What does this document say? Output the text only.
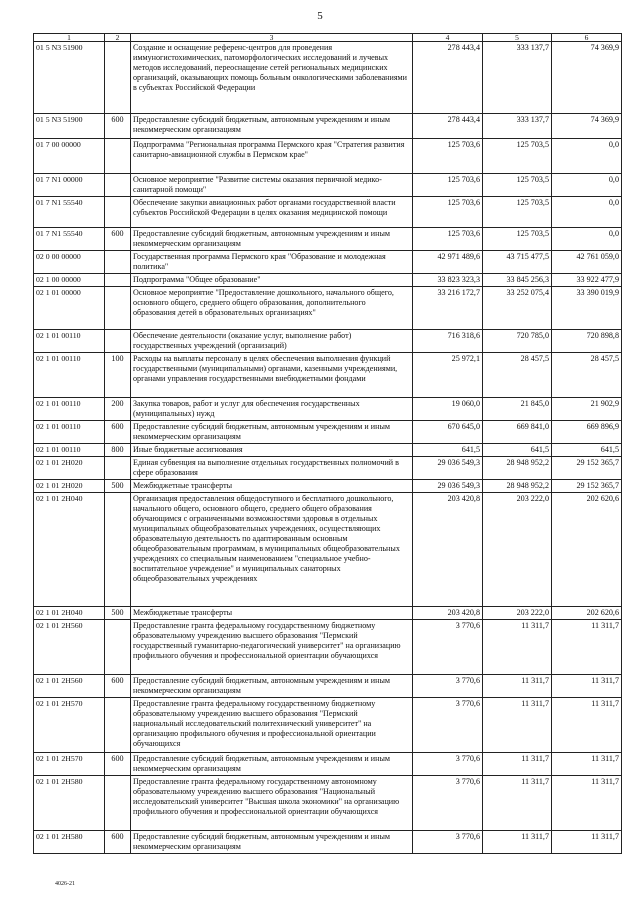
5
1	2	3	4	5	6
01 5 N3 51900		Создание и оснащение референс-центров для проведения иммуногистохимических, патоморфологических исследований и лучевых методов исследований, переоснащение сетей региональных медицинских организаций, оказывающих помощь больным онкологическими заболеваниями в субъектах Российской Федерации	278 443,4	333 137,7	74 369,9
01 5 N3 51900	600	Предоставление субсидий бюджетным, автономным учреждениям и иным некоммерческим организациям	278 443,4	333 137,7	74 369,9
01 7 00 00000		Подпрограмма "Региональная программа Пермского края "Стратегия развития санитарно-авиационной службы в Пермском крае"	125 703,6	125 703,5	0,0
01 7 N1 00000		Основное мероприятие "Развитие системы оказания первичной медико-санитарной помощи"	125 703,6	125 703,5	0,0
01 7 N1 55540		Обеспечение закупки авиационных работ органами государственной власти субъектов Российской Федерации в целях оказания медицинской помощи	125 703,6	125 703,5	0,0
01 7 N1 55540	600	Предоставление субсидий бюджетным, автономным учреждениям и иным некоммерческим организациям	125 703,6	125 703,5	0,0
02 0 00 00000		Государственная программа Пермского края "Образование и молодежная политика"	42 971 489,6	43 715 477,5	42 761 059,0
02 1 00 00000		Подпрограмма "Общее образование"	33 823 323,3	33 845 256,3	33 922 477,9
02 1 01 00000		Основное мероприятие "Предоставление дошкольного, начального общего, основного общего, среднего общего образования, дополнительного образования детей в образовательных организациях"	33 216 172,7	33 252 075,4	33 390 019,9
02 1 01 00110		Обеспечение деятельности (оказание услуг, выполнение работ) государственных учреждений (организаций)	716 318,6	720 785,0	720 898,8
02 1 01 00110	100	Расходы на выплаты персоналу в целях обеспечения выполнения функций государственными (муниципальными) органами, казенными учреждениями, органами управления государственными внебюджетными фондами	25 972,1	28 457,5	28 457,5
02 1 01 00110	200	Закупка товаров, работ и услуг для обеспечения государственных (муниципальных) нужд	19 060,0	21 845,0	21 902,9
02 1 01 00110	600	Предоставление субсидий бюджетным, автономным учреждениям и иным некоммерческим организациям	670 645,0	669 841,0	669 896,9
02 1 01 00110	800	Иные бюджетные ассигнования	641,5	641,5	641,5
02 1 01 2H020		Единая субвенция на выполнение отдельных государственных полномочий в сфере образования	29 036 549,3	28 948 952,2	29 152 365,7
02 1 01 2H020	500	Межбюджетные трансферты	29 036 549,3	28 948 952,2	29 152 365,7
02 1 01 2H040		Организация предоставления общедоступного и бесплатного дошкольного, начального общего, основного общего, среднего общего образования обучающимся с ограниченными возможностями здоровья в отдельных муниципальных общеобразовательных учреждениях, осуществляющих образовательную деятельность по адаптированным основным общеобразовательным программам, в муниципальных общеобразовательных учреждениях со специальным наименованием "специальное учебно-воспитательное учреждение" и муниципальных санаторных общеобразовательных учреждениях	203 420,8	203 222,0	202 620,6
02 1 01 2H040	500	Межбюджетные трансферты	203 420,8	203 222,0	202 620,6
02 1 01 2H560		Предоставление гранта федеральному государственному бюджетному образовательному учреждению высшего образования "Пермский государственный гуманитарно-педагогический университет" на организацию профильного обучения и профессиональной ориентации обучающихся	3 770,6	11 311,7	11 311,7
02 1 01 2H560	600	Предоставление субсидий бюджетным, автономным учреждениям и иным некоммерческим организациям	3 770,6	11 311,7	11 311,7
02 1 01 2H570		Предоставление гранта федеральному государственному бюджетному образовательному учреждению высшего образования "Пермский национальный исследовательский политехнический университет" на организацию профильного обучения и профессиональной ориентации обучающихся	3 770,6	11 311,7	11 311,7
02 1 01 2H570	600	Предоставление субсидий бюджетным, автономным учреждениям и иным некоммерческим организациям	3 770,6	11 311,7	11 311,7
02 1 01 2H580		Предоставление гранта федеральному государственному автономному образовательному учреждению высшего образования "Национальный исследовательский университет "Высшая школа экономики" на организацию профильного обучения и профессиональной ориентации обучающихся	3 770,6	11 311,7	11 311,7
02 1 01 2H580	600	Предоставление субсидий бюджетным, автономным учреждениям и иным некоммерческим организациям	3 770,6	11 311,7	11 311,7
4026-21
